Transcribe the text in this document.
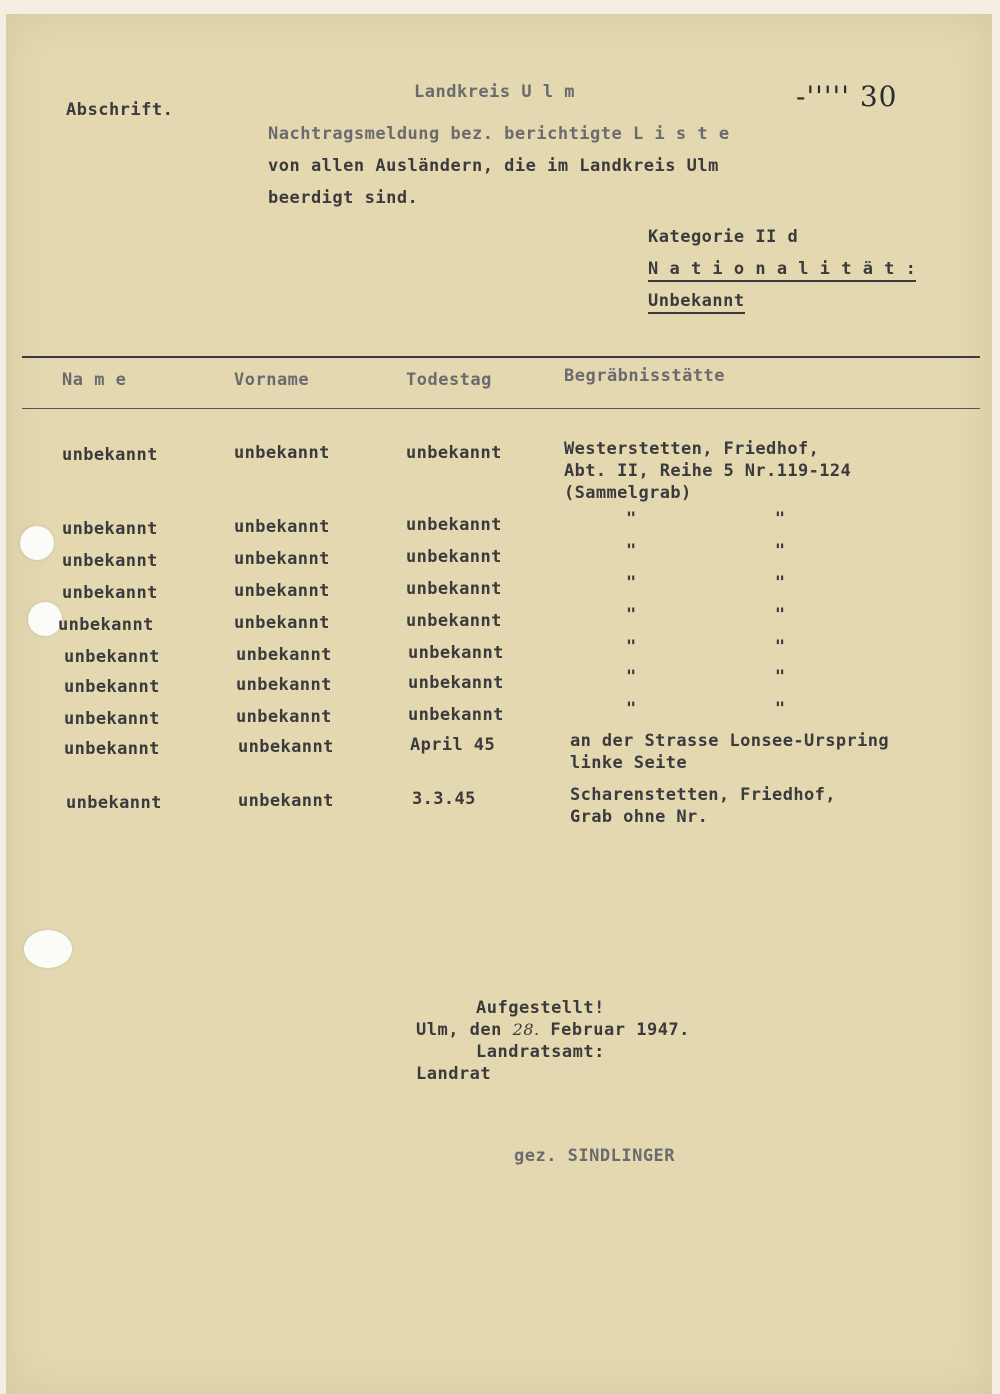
Abschrift.
Landkreis U l m	-''''' 30
Nachtragsmeldung bez. berichtigte L i s t e
von allen Ausländern, die im Landkreis Ulm
beerdigt sind.
Kategorie II d
N a t i o n a l i t ä t :
Unbekannt
Na m e	Vorname	Todestag	Begräbnisstätte
unbekannt	unbekannt	unbekannt	Westerstetten, Friedhof,
Abt. II, Reihe 5 Nr.119-124
(Sammelgrab)
unbekannt	unbekannt	unbekannt	"             "
unbekannt	unbekannt	unbekannt	"             "
unbekannt	unbekannt	unbekannt	"             "
unbekannt	unbekannt	unbekannt	"             "
unbekannt	unbekannt	unbekannt	"             "
unbekannt	unbekannt	unbekannt	"             "
unbekannt	unbekannt	unbekannt	"             "
unbekannt	unbekannt	April 45	an der Strasse Lonsee-Urspring
linke Seite
unbekannt	unbekannt	3.3.45	Scharenstetten, Friedhof,
Grab ohne Nr.
Aufgestellt!
Ulm, den 28. Februar 1947.
Landratsamt:
Landrat
gez. SINDLINGER
